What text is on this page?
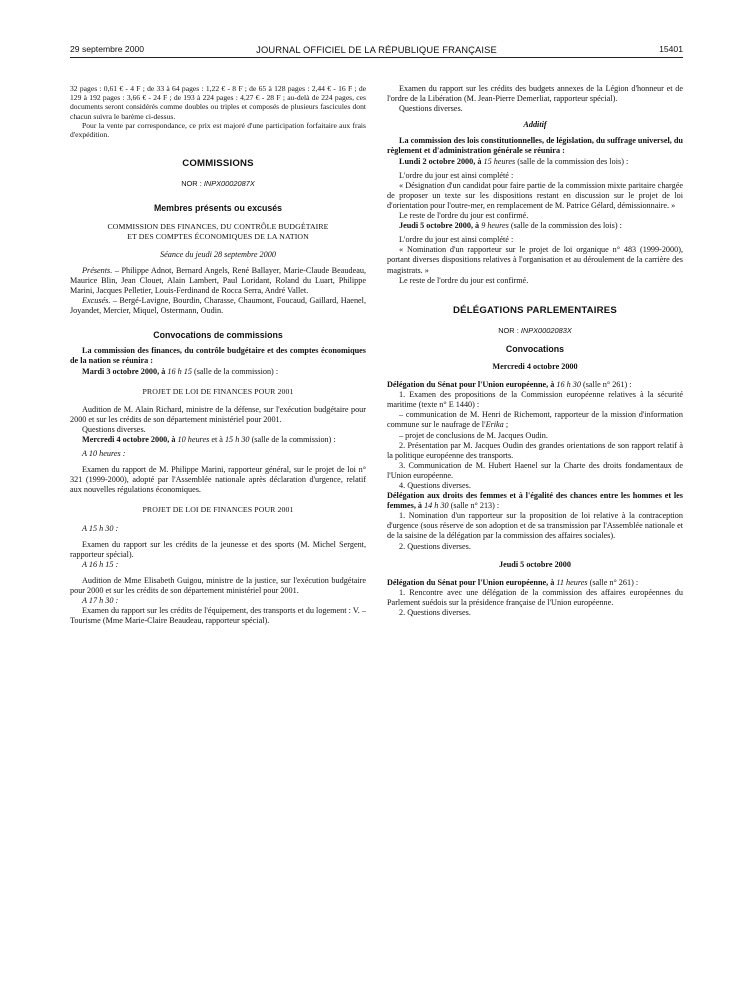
29 septembre 2000	JOURNAL OFFICIEL DE LA RÉPUBLIQUE FRANÇAISE	15401

32 pages : 0,61 € - 4 F ; de 33 à 64 pages : 1,22 € - 8 F ; de 65 à 128 pages : 2,44 € - 16 F ; de 129 à 192 pages : 3,66 € - 24 F ; de 193 à 224 pages : 4,27 € - 28 F ; au-delà de 224 pages, ces documents seront considérés comme doubles ou triples et composés de plusieurs fascicules dont chacun suivra le barème ci-dessus.

Pour la vente par correspondance, ce prix est majoré d'une participation forfaitaire aux frais d'expédition.

COMMISSIONS

NOR : INPX0002087X

Membres présents ou excusés

COMMISSION DES FINANCES, DU CONTRÔLE BUDGÉTAIRE

ET DES COMPTES ÉCONOMIQUES DE LA NATION

Séance du jeudi 28 septembre 2000

Présents. – Philippe Adnot, Bernard Angels, René Ballayer, Marie-Claude Beaudeau, Maurice Blin, Jean Clouet, Alain Lambert, Paul Loridant, Roland du Luart, Philippe Marini, Jacques Pelletier, Louis-Ferdinand de Rocca Serra, André Vallet.

Excusés. – Bergé-Lavigne, Bourdin, Charasse, Chaumont, Foucaud, Gaillard, Haenel, Joyandet, Mercier, Miquel, Ostermann, Oudin.

Convocations de commissions

La commission des finances, du contrôle budgétaire et des comptes économiques de la nation se réunira :

Mardi 3 octobre 2000, à 16 h 15 (salle de la commission) :

PROJET DE LOI DE FINANCES POUR 2001

Audition de M. Alain Richard, ministre de la défense, sur l'exécution budgétaire pour 2000 et sur les crédits de son département ministériel pour 2001.

Questions diverses.

Mercredi 4 octobre 2000, à 10 heures et à 15 h 30 (salle de la commission) :

A 10 heures :

Examen du rapport de M. Philippe Marini, rapporteur général, sur le projet de loi n° 321 (1999-2000), adopté par l'Assemblée nationale après déclaration d'urgence, relatif aux nouvelles régulations économiques.

PROJET DE LOI DE FINANCES POUR 2001

A 15 h 30 :

Examen du rapport sur les crédits de la jeunesse et des sports (M. Michel Sergent, rapporteur spécial).

A 16 h 15 :

Audition de Mme Elisabeth Guigou, ministre de la justice, sur l'exécution budgétaire pour 2000 et sur les crédits de son département ministériel pour 2001.

A 17 h 30 :

Examen du rapport sur les crédits de l'équipement, des transports et du logement : V. – Tourisme (Mme Marie-Claire Beaudeau, rapporteur spécial).

Examen du rapport sur les crédits des budgets annexes de la Légion d'honneur et de l'ordre de la Libération (M. Jean-Pierre Demerliat, rapporteur spécial).

Questions diverses.

Additif

La commission des lois constitutionnelles, de législation, du suffrage universel, du règlement et d'administration générale se réunira :

Lundi 2 octobre 2000, à 15 heures (salle de la commission des lois) :

L'ordre du jour est ainsi complété :

« Désignation d'un candidat pour faire partie de la commission mixte paritaire chargée de proposer un texte sur les dispositions restant en discussion sur le projet de loi d'orientation pour l'outre-mer, en remplacement de M. Patrice Gélard, démissionnaire. »

Le reste de l'ordre du jour est confirmé.

Jeudi 5 octobre 2000, à 9 heures (salle de la commission des lois) :

L'ordre du jour est ainsi complété :

« Nomination d'un rapporteur sur le projet de loi organique n° 483 (1999-2000), portant diverses dispositions relatives à l'organisation et au déroulement de la carrière des magistrats. »

Le reste de l'ordre du jour est confirmé.

DÉLÉGATIONS PARLEMENTAIRES

NOR : INPX0002083X

Convocations

Mercredi 4 octobre 2000

Délégation du Sénat pour l'Union européenne, à 16 h 30 (salle n° 261) :

1. Examen des propositions de la Commission européenne relatives à la sécurité maritime (texte n° E 1440) :

– communication de M. Henri de Richemont, rapporteur de la mission d'information commune sur le naufrage de l'Erika ;

– projet de conclusions de M. Jacques Oudin.

2. Présentation par M. Jacques Oudin des grandes orientations de son rapport relatif à la politique européenne des transports.

3. Communication de M. Hubert Haenel sur la Charte des droits fondamentaux de l'Union européenne.

4. Questions diverses.

Délégation aux droits des femmes et à l'égalité des chances entre les hommes et les femmes, à 14 h 30 (salle n° 213) :

1. Nomination d'un rapporteur sur la proposition de loi relative à la contraception d'urgence (sous réserve de son adoption et de sa transmission par l'Assemblée nationale et de la saisine de la délégation par la commission des affaires sociales).

2. Questions diverses.

Jeudi 5 octobre 2000

Délégation du Sénat pour l'Union européenne, à 11 heures (salle n° 261) :

1. Rencontre avec une délégation de la commission des affaires européennes du Parlement suédois sur la présidence française de l'Union européenne.

2. Questions diverses.
